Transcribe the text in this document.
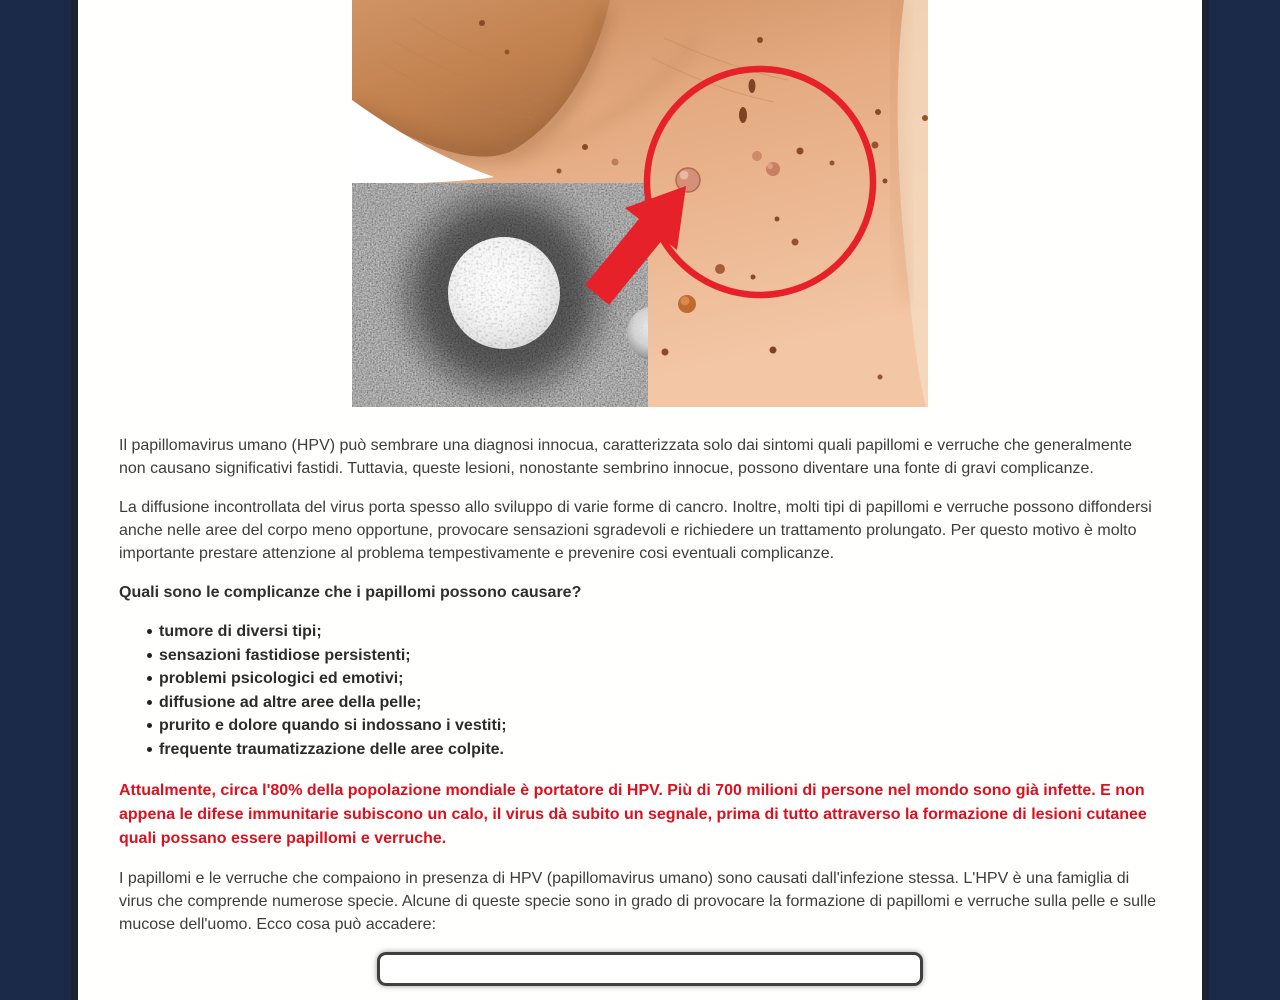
Il papillomavirus umano (HPV) può sembrare una diagnosi innocua, caratterizzata solo dai sintomi quali papillomi e verruche che generalmente non causano significativi fastidi. Tuttavia, queste lesioni, nonostante sembrino innocue, possono diventare una fonte di gravi complicanze.

La diffusione incontrollata del virus porta spesso allo sviluppo di varie forme di cancro. Inoltre, molti tipi di papillomi e verruche possono diffondersi anche nelle aree del corpo meno opportune, provocare sensazioni sgradevoli e richiedere un trattamento prolungato. Per questo motivo è molto importante prestare attenzione al problema tempestivamente e prevenire cosi eventuali complicanze.

Quali sono le complicanze che i papillomi possono causare?

tumore di diversi tipi;
sensazioni fastidiose persistenti;
problemi psicologici ed emotivi;
diffusione ad altre aree della pelle;
prurito e dolore quando si indossano i vestiti;
frequente traumatizzazione delle aree colpite.

Attualmente, circa l'80% della popolazione mondiale è portatore di HPV. Più di 700 milioni di persone nel mondo sono già infette. E non appena le difese immunitarie subiscono un calo, il virus dà subito un segnale, prima di tutto attraverso la formazione di lesioni cutanee quali possano essere papillomi e verruche.

I papillomi e le verruche che compaiono in presenza di HPV (papillomavirus umano) sono causati dall'infezione stessa. L'HPV è una famiglia di virus che comprende numerose specie. Alcune di queste specie sono in grado di provocare la formazione di papillomi e verruche sulla pelle e sulle mucose dell'uomo. Ecco cosa può accadere:
